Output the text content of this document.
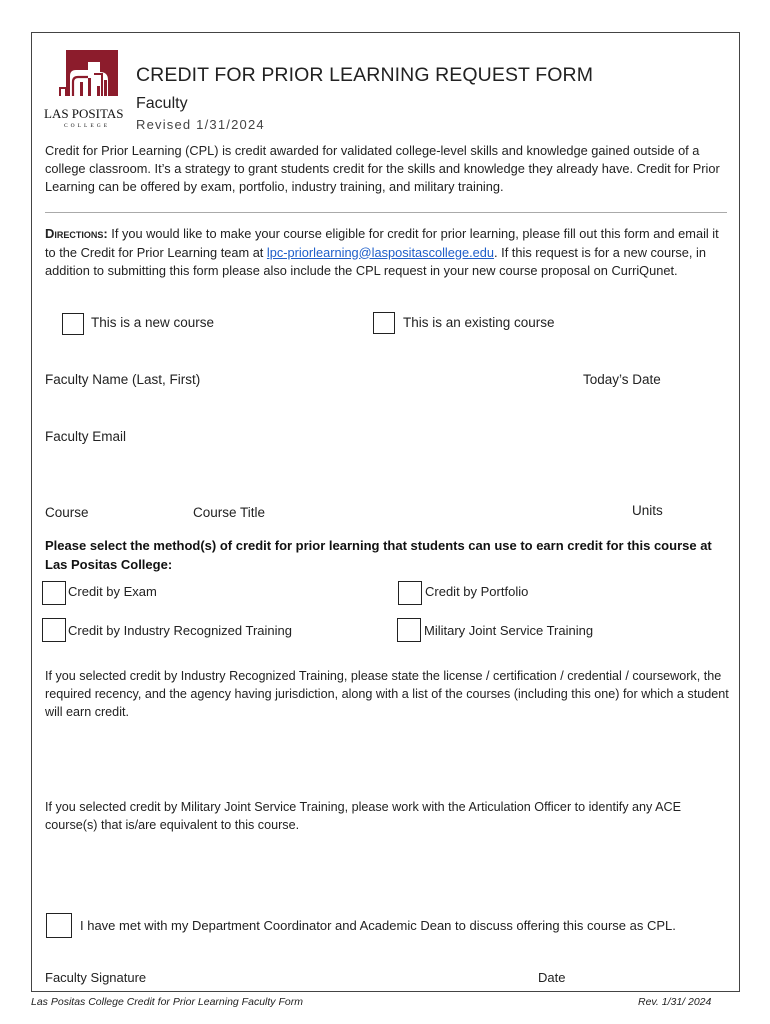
LAS POSITAS
COLLEGE
CREDIT FOR PRIOR LEARNING REQUEST FORM
Faculty
Revised 1/31/2024
Credit for Prior Learning (CPL) is credit awarded for validated college-level skills and knowledge gained outside of a college classroom. It’s a strategy to grant students credit for the skills and knowledge they already have. Credit for Prior Learning can be offered by exam, portfolio, industry training, and military training.
Directions: If you would like to make your course eligible for credit for prior learning, please fill out this form and email it to the Credit for Prior Learning team at lpc-priorlearning@laspositascollege.edu. If this request is for a new course, in addition to submitting this form please also include the CPL request in your new course proposal on CurriQunet.
This is a new course	This is an existing course
Faculty Name (Last, First)	Today’s Date
Faculty Email
Course	Course Title	Units
Please select the method(s) of credit for prior learning that students can use to earn credit for this course at Las Positas College:
Credit by Exam	Credit by Portfolio
Credit by Industry Recognized Training	Military Joint Service Training
If you selected credit by Industry Recognized Training, please state the license / certification / credential / coursework, the required recency, and the agency having jurisdiction, along with a list of the courses (including this one) for which a student will earn credit.
If you selected credit by Military Joint Service Training, please work with the Articulation Officer to identify any ACE course(s) that is/are equivalent to this course.
I have met with my Department Coordinator and Academic Dean to discuss offering this course as CPL.
Faculty Signature	Date
Las Positas College Credit for Prior Learning Faculty Form	Rev. 1/31/ 2024
